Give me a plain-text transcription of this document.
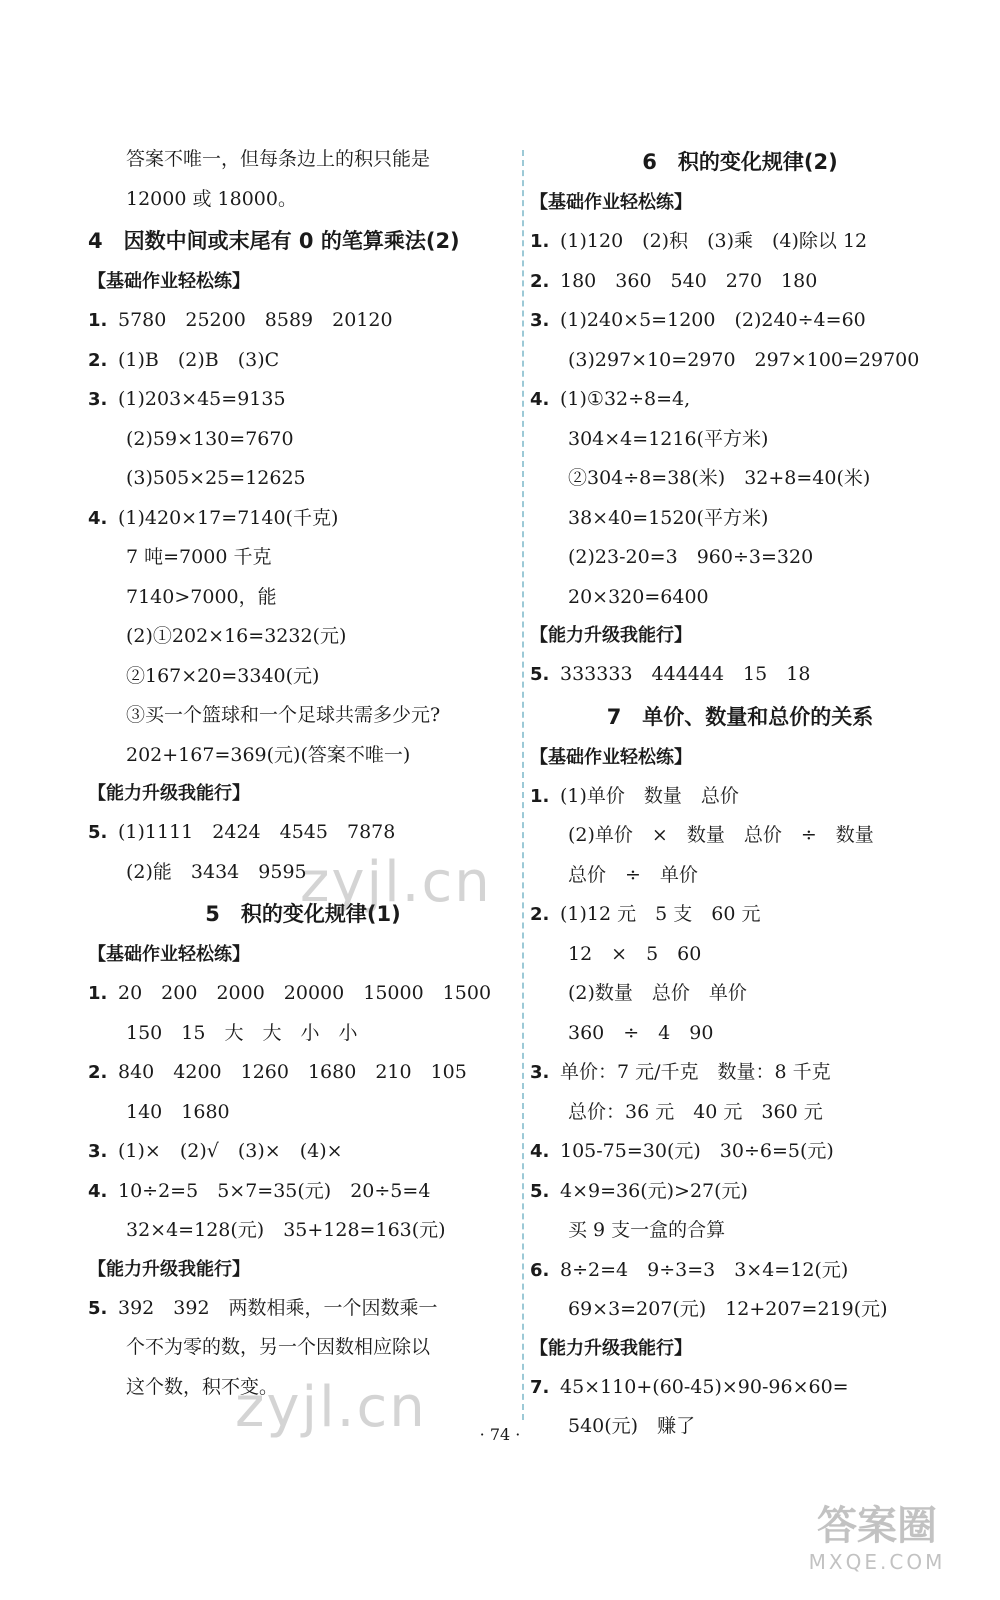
答案不唯一，但每条边上的积只能是
12000 或 18000。
4　因数中间或末尾有 0 的笔算乘法(2)
【基础作业轻松练】
1. 5780　25200　8589　20120
2. (1)B　(2)B　(3)C
3. (1)203×45=9135
(2)59×130=7670
(3)505×25=12625
4. (1)420×17=7140(千克)
7 吨=7000 千克
7140>7000，能
(2)①202×16=3232(元)
②167×20=3340(元)
③买一个篮球和一个足球共需多少元?
202+167=369(元)(答案不唯一)
【能力升级我能行】
5. (1)1111　2424　4545　7878
(2)能　3434　9595
5　积的变化规律(1)
【基础作业轻松练】
1. 20　200　2000　20000　15000　1500
150　15　大　大　小　小
2. 840　4200　1260　1680　210　105
140　1680
3. (1)×　(2)√　(3)×　(4)×
4. 10÷2=5　5×7=35(元)　20÷5=4
32×4=128(元)　35+128=163(元)
【能力升级我能行】
5. 392　392　两数相乘，一个因数乘一
个不为零的数，另一个因数相应除以
这个数，积不变。
6　积的变化规律(2)
【基础作业轻松练】
1. (1)120　(2)积　(3)乘　(4)除以 12
2. 180　360　540　270　180
3. (1)240×5=1200　(2)240÷4=60
(3)297×10=2970　297×100=29700
4. (1)①32÷8=4,
304×4=1216(平方米)
②304÷8=38(米)　32+8=40(米)
38×40=1520(平方米)
(2)23-20=3　960÷3=320
20×320=6400
【能力升级我能行】
5. 333333　444444　15　18
7　单价、数量和总价的关系
【基础作业轻松练】
1. (1)单价　数量　总价
(2)单价　×　数量　总价　÷　数量
总价　÷　单价
2. (1)12 元　5 支　60 元
12　×　5　60
(2)数量　总价　单价
360　÷　4　90
3. 单价：7 元/千克　数量：8 千克
总价：36 元　40 元　360 元
4. 105-75=30(元)　30÷6=5(元)
5. 4×9=36(元)>27(元)
买 9 支一盒的合算
6. 8÷2=4　9÷3=3　3×4=12(元)
69×3=207(元)　12+207=219(元)
【能力升级我能行】
7. 45×110+(60-45)×90-96×60=
540(元)　赚了
· 74 ·
zyjl.cn
zyjl.cn
答案圈
MXQE.COM
